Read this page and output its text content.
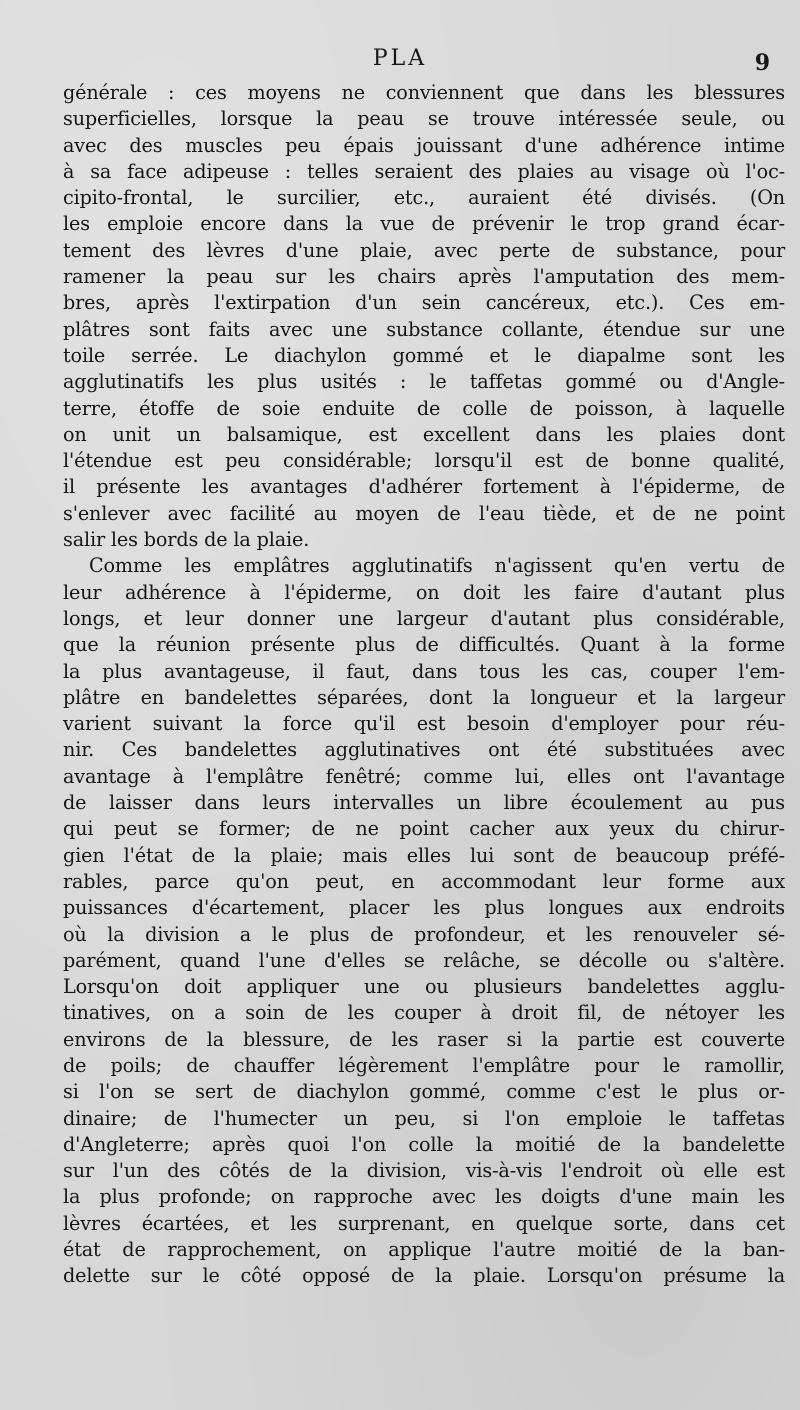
PLA	9
générale : ces moyens ne conviennent que dans les blessures
superficielles, lorsque la peau se trouve intéressée seule, ou
avec des muscles peu épais jouissant d'une adhérence intime
à sa face adipeuse : telles seraient des plaies au visage où l'oc-
cipito-frontal, le surcilier, etc., auraient été divisés. (On
les emploie encore dans la vue de prévenir le trop grand écar-
tement des lèvres d'une plaie, avec perte de substance, pour
ramener la peau sur les chairs après l'amputation des mem-
bres, après l'extirpation d'un sein cancéreux, etc.). Ces em-
plâtres sont faits avec une substance collante, étendue sur une
toile serrée. Le diachylon gommé et le diapalme sont les
agglutinatifs les plus usités : le taffetas gommé ou d'Angle-
terre, étoffe de soie enduite de colle de poisson, à laquelle
on unit un balsamique, est excellent dans les plaies dont
l'étendue est peu considérable; lorsqu'il est de bonne qualité,
il présente les avantages d'adhérer fortement à l'épiderme, de
s'enlever avec facilité au moyen de l'eau tiède, et de ne point
salir les bords de la plaie.
Comme les emplâtres agglutinatifs n'agissent qu'en vertu de
leur adhérence à l'épiderme, on doit les faire d'autant plus
longs, et leur donner une largeur d'autant plus considérable,
que la réunion présente plus de difficultés. Quant à la forme
la plus avantageuse, il faut, dans tous les cas, couper l'em-
plâtre en bandelettes séparées, dont la longueur et la largeur
varient suivant la force qu'il est besoin d'employer pour réu-
nir. Ces bandelettes agglutinatives ont été substituées avec
avantage à l'emplâtre fenêtré; comme lui, elles ont l'avantage
de laisser dans leurs intervalles un libre écoulement au pus
qui peut se former; de ne point cacher aux yeux du chirur-
gien l'état de la plaie; mais elles lui sont de beaucoup préfé-
rables, parce qu'on peut, en accommodant leur forme aux
puissances d'écartement, placer les plus longues aux endroits
où la division a le plus de profondeur, et les renouveler sé-
parément, quand l'une d'elles se relâche, se décolle ou s'altère.
Lorsqu'on doit appliquer une ou plusieurs bandelettes agglu-
tinatives, on a soin de les couper à droit fil, de nétoyer les
environs de la blessure, de les raser si la partie est couverte
de poils; de chauffer légèrement l'emplâtre pour le ramollir,
si l'on se sert de diachylon gommé, comme c'est le plus or-
dinaire; de l'humecter un peu, si l'on emploie le taffetas
d'Angleterre; après quoi l'on colle la moitié de la bandelette
sur l'un des côtés de la division, vis-à-vis l'endroit où elle est
la plus profonde; on rapproche avec les doigts d'une main les
lèvres écartées, et les surprenant, en quelque sorte, dans cet
état de rapprochement, on applique l'autre moitié de la ban-
delette sur le côté opposé de la plaie. Lorsqu'on présume la
